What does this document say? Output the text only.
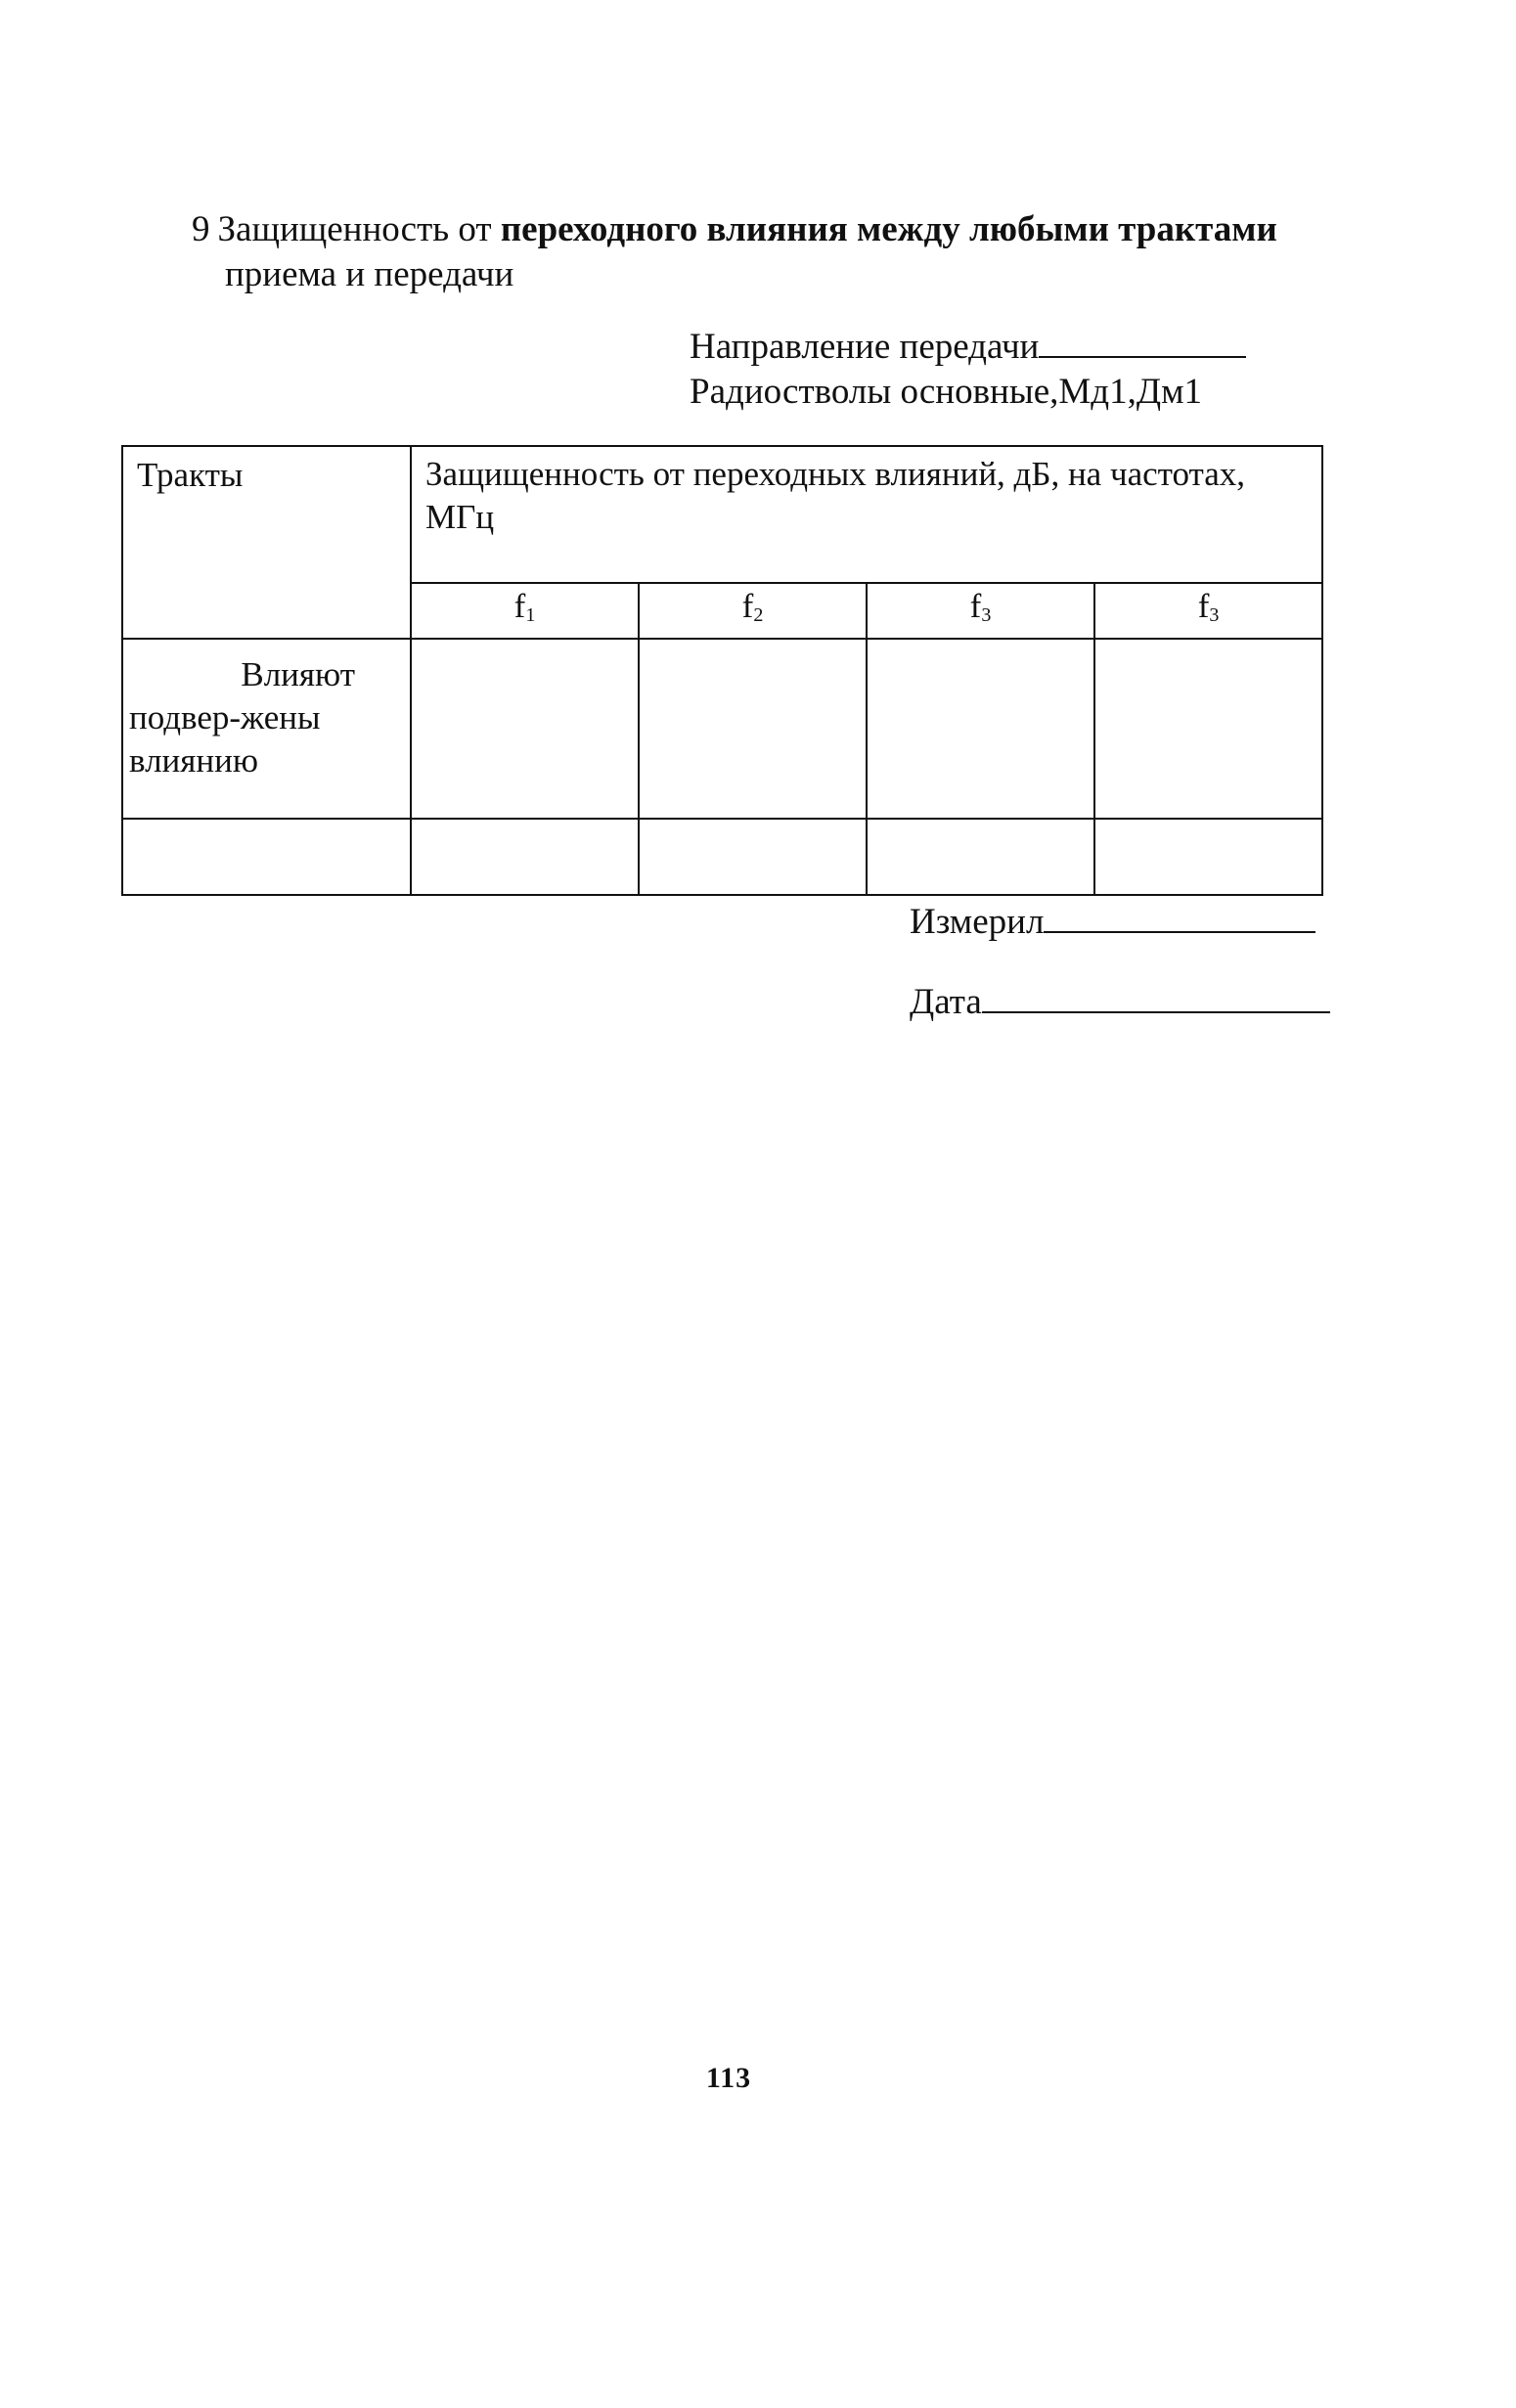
9 Защищенность от переходного влияния между любыми трактами
приема и передачи
Направление передачи
Радиостволы основные,Мд1,Дм1
Тракты	Защищенность от переходных влияний, дБ, на частотах, МГц			
	$f_1$	$f_2$	$f_3$	$f_3$

Влияют
подвер-жены влиянию				

Измерил
Дата
113
